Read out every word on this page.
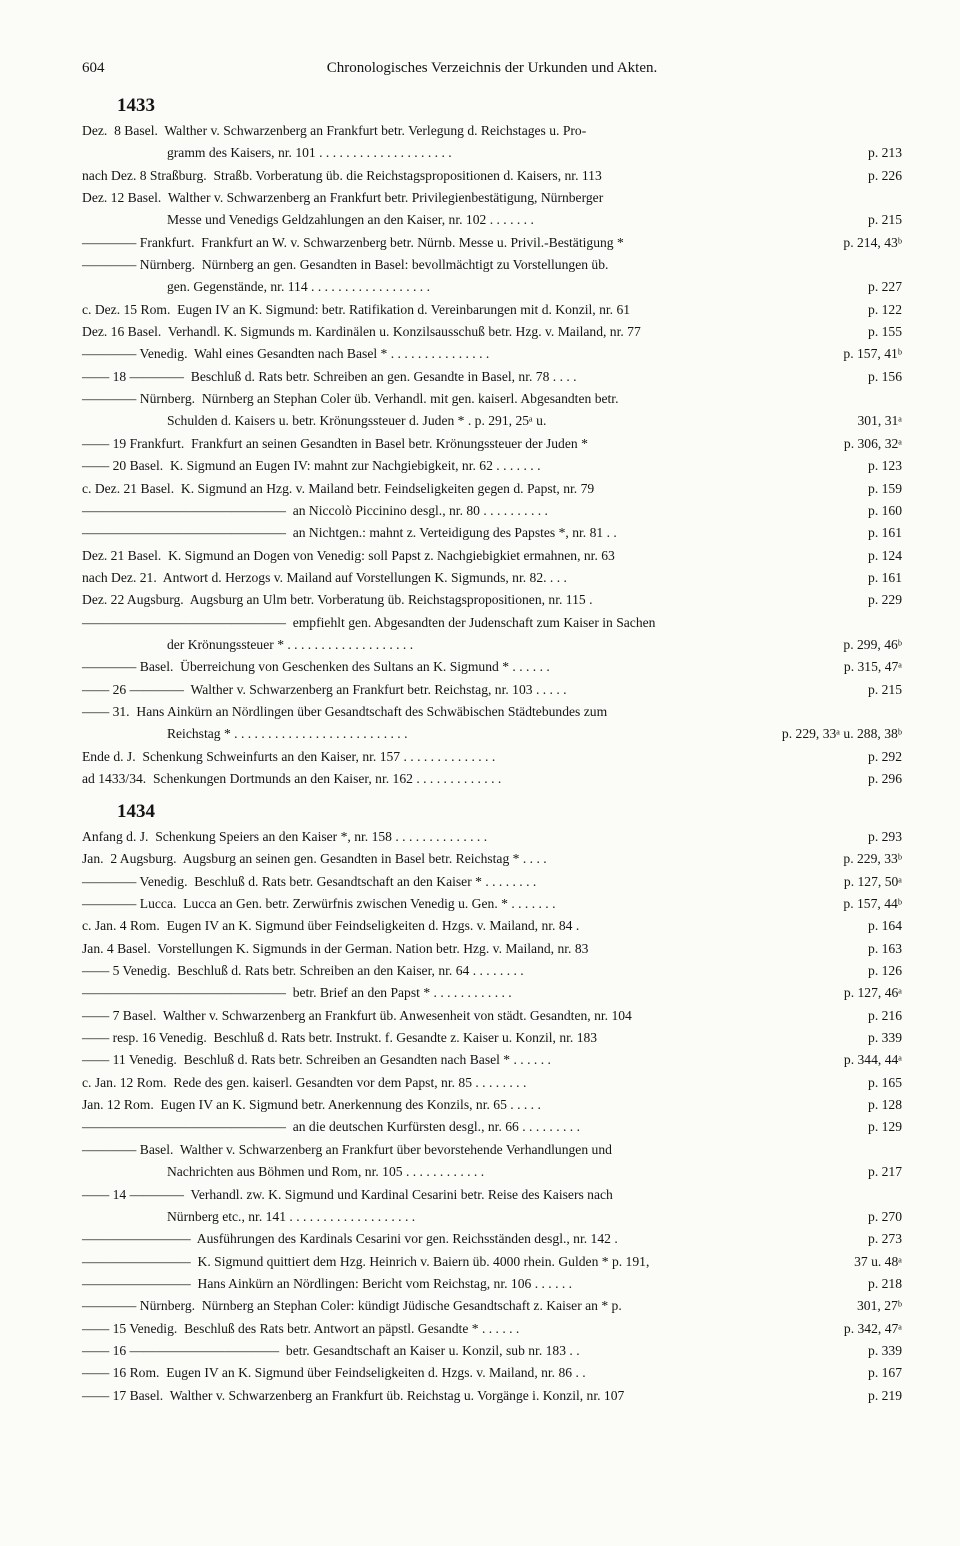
604	Chronologisches Verzeichnis der Urkunden und Akten.
1433
Dez.  8 Basel.  Walther v. Schwarzenberg an Frankfurt betr. Verlegung d. Reichstages u. Pro-
gramm des Kaisers, nr. 101 . . . . . . . . . . . . . . . . . . . .	p. 213
nach Dez. 8 Straßburg.  Straßb. Vorberatung üb. die Reichstagspropositionen d. Kaisers, nr. 113	p. 226
Dez. 12 Basel.  Walther v. Schwarzenberg an Frankfurt betr. Privilegienbestätigung, Nürnberger
Messe und Venedigs Geldzahlungen an den Kaiser, nr. 102 . . . . . . .	p. 215
———— Frankfurt.  Frankfurt an W. v. Schwarzenberg betr. Nürnb. Messe u. Privil.-Bestätigung *	p. 214, 43ᵇ
———— Nürnberg.  Nürnberg an gen. Gesandten in Basel: bevollmächtigt zu Vorstellungen üb.
gen. Gegenstände, nr. 114 . . . . . . . . . . . . . . . . . .	p. 227
c. Dez. 15 Rom.  Eugen IV an K. Sigmund: betr. Ratifikation d. Vereinbarungen mit d. Konzil, nr. 61	p. 122
Dez. 16 Basel.  Verhandl. K. Sigmunds m. Kardinälen u. Konzilsausschuß betr. Hzg. v. Mailand, nr. 77	p. 155
———— Venedig.  Wahl eines Gesandten nach Basel * . . . . . . . . . . . . . . .	p. 157, 41ᵇ
—— 18 ————  Beschluß d. Rats betr. Schreiben an gen. Gesandte in Basel, nr. 78 . . . .	p. 156
———— Nürnberg.  Nürnberg an Stephan Coler üb. Verhandl. mit gen. kaiserl. Abgesandten betr.
Schulden d. Kaisers u. betr. Krönungssteuer d. Juden * . p. 291, 25ᵃ u.	301, 31ᵃ
—— 19 Frankfurt.  Frankfurt an seinen Gesandten in Basel betr. Krönungssteuer der Juden *	p. 306, 32ᵃ
—— 20 Basel.  K. Sigmund an Eugen IV: mahnt zur Nachgiebigkeit, nr. 62 . . . . . . .	p. 123
c. Dez. 21 Basel.  K. Sigmund an Hzg. v. Mailand betr. Feindseligkeiten gegen d. Papst, nr. 79	p. 159
———————————————  an Niccolò Piccinino desgl., nr. 80 . . . . . . . . . .	p. 160
———————————————  an Nichtgen.: mahnt z. Verteidigung des Papstes *, nr. 81 . .	p. 161
Dez. 21 Basel.  K. Sigmund an Dogen von Venedig: soll Papst z. Nachgiebigkiet ermahnen, nr. 63	p. 124
nach Dez. 21.  Antwort d. Herzogs v. Mailand auf Vorstellungen K. Sigmunds, nr. 82. . . .	p. 161
Dez. 22 Augsburg.  Augsburg an Ulm betr. Vorberatung üb. Reichstagspropositionen, nr. 115 .	p. 229
———————————————  empfiehlt gen. Abgesandten der Judenschaft zum Kaiser in Sachen
der Krönungssteuer * . . . . . . . . . . . . . . . . . . .	p. 299, 46ᵇ
———— Basel.  Überreichung von Geschenken des Sultans an K. Sigmund * . . . . . .	p. 315, 47ᵃ
—— 26 ————  Walther v. Schwarzenberg an Frankfurt betr. Reichstag, nr. 103 . . . . .	p. 215
—— 31.  Hans Ainkürn an Nördlingen über Gesandtschaft des Schwäbischen Städtebundes zum
Reichstag * . . . . . . . . . . . . . . . . . . . . . . . . . .	p. 229, 33ᵃ u. 288, 38ᵇ
Ende d. J.  Schenkung Schweinfurts an den Kaiser, nr. 157 . . . . . . . . . . . . . .	p. 292
ad 1433/34.  Schenkungen Dortmunds an den Kaiser, nr. 162 . . . . . . . . . . . . .	p. 296
1434
Anfang d. J.  Schenkung Speiers an den Kaiser *, nr. 158 . . . . . . . . . . . . . .	p. 293
Jan.  2 Augsburg.  Augsburg an seinen gen. Gesandten in Basel betr. Reichstag * . . . .	p. 229, 33ᵇ
———— Venedig.  Beschluß d. Rats betr. Gesandtschaft an den Kaiser * . . . . . . . .	p. 127, 50ᵃ
———— Lucca.  Lucca an Gen. betr. Zerwürfnis zwischen Venedig u. Gen. * . . . . . . .	p. 157, 44ᵇ
c. Jan. 4 Rom.  Eugen IV an K. Sigmund über Feindseligkeiten d. Hzgs. v. Mailand, nr. 84 .	p. 164
Jan. 4 Basel.  Vorstellungen K. Sigmunds in der German. Nation betr. Hzg. v. Mailand, nr. 83	p. 163
—— 5 Venedig.  Beschluß d. Rats betr. Schreiben an den Kaiser, nr. 64 . . . . . . . .	p. 126
———————————————  betr. Brief an den Papst * . . . . . . . . . . . .	p. 127, 46ᵃ
—— 7 Basel.  Walther v. Schwarzenberg an Frankfurt üb. Anwesenheit von städt. Gesandten, nr. 104	p. 216
—— resp. 16 Venedig.  Beschluß d. Rats betr. Instrukt. f. Gesandte z. Kaiser u. Konzil, nr. 183	p. 339
—— 11 Venedig.  Beschluß d. Rats betr. Schreiben an Gesandten nach Basel * . . . . . .	p. 344, 44ᵃ
c. Jan. 12 Rom.  Rede des gen. kaiserl. Gesandten vor dem Papst, nr. 85 . . . . . . . .	p. 165
Jan. 12 Rom.  Eugen IV an K. Sigmund betr. Anerkennung des Konzils, nr. 65 . . . . .	p. 128
———————————————  an die deutschen Kurfürsten desgl., nr. 66 . . . . . . . . .	p. 129
———— Basel.  Walther v. Schwarzenberg an Frankfurt über bevorstehende Verhandlungen und
Nachrichten aus Böhmen und Rom, nr. 105 . . . . . . . . . . . .	p. 217
—— 14 ————  Verhandl. zw. K. Sigmund und Kardinal Cesarini betr. Reise des Kaisers nach
Nürnberg etc., nr. 141 . . . . . . . . . . . . . . . . . . .	p. 270
————————  Ausführungen des Kardinals Cesarini vor gen. Reichsständen desgl., nr. 142 .	p. 273
————————  K. Sigmund quittiert dem Hzg. Heinrich v. Baiern üb. 4000 rhein. Gulden * p. 191,	37 u. 48ᵃ
————————  Hans Ainkürn an Nördlingen: Bericht vom Reichstag, nr. 106 . . . . . .	p. 218
———— Nürnberg.  Nürnberg an Stephan Coler: kündigt Jüdische Gesandtschaft z. Kaiser an * p.	301, 27ᵇ
—— 15 Venedig.  Beschluß des Rats betr. Antwort an päpstl. Gesandte * . . . . . .	p. 342, 47ᵃ
—— 16 ———————————  betr. Gesandtschaft an Kaiser u. Konzil, sub nr. 183 . .	p. 339
—— 16 Rom.  Eugen IV an K. Sigmund über Feindseligkeiten d. Hzgs. v. Mailand, nr. 86 . .	p. 167
—— 17 Basel.  Walther v. Schwarzenberg an Frankfurt üb. Reichstag u. Vorgänge i. Konzil, nr. 107	p. 219
